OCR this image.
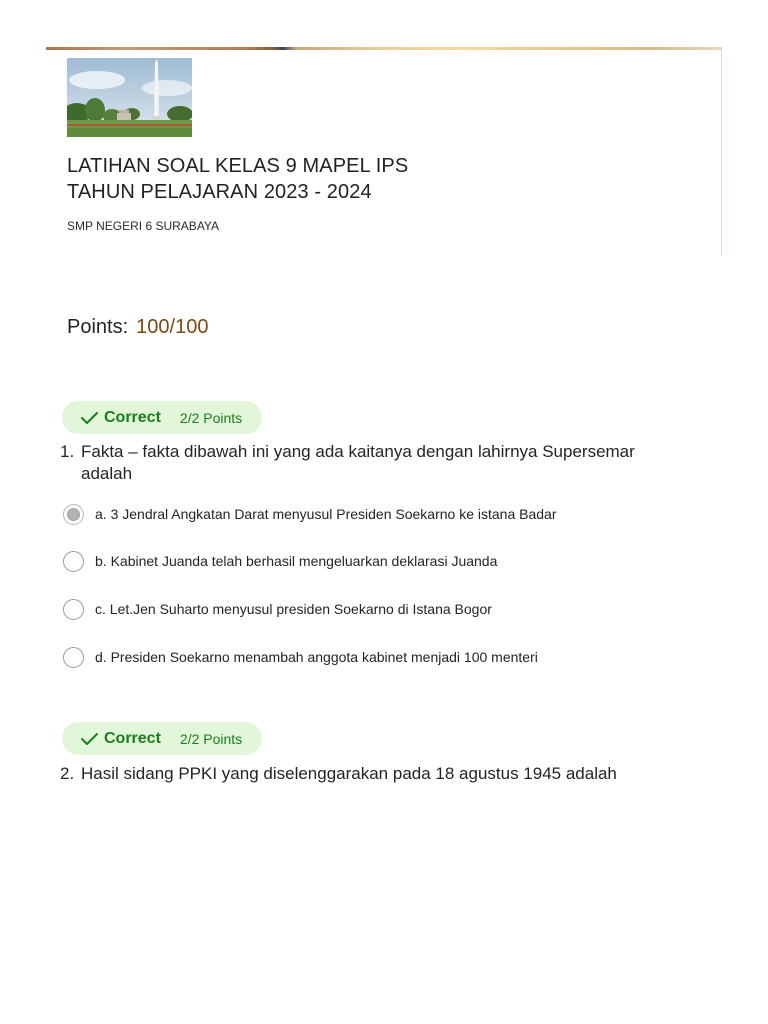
LATIHAN SOAL KELAS 9 MAPEL IPS
TAHUN PELAJARAN 2023 - 2024
SMP NEGERI 6 SURABAYA
Points: 100/100
Correct 2/2 Points
1. Fakta – fakta dibawah ini yang ada kaitanya dengan lahirnya Supersemar adalah
a. 3 Jendral Angkatan Darat menyusul Presiden Soekarno ke istana Badar
b. Kabinet Juanda telah berhasil mengeluarkan deklarasi Juanda
c. Let.Jen Suharto menyusul presiden Soekarno di Istana Bogor
d. Presiden Soekarno menambah anggota kabinet menjadi 100 menteri
Correct 2/2 Points
2. Hasil sidang PPKI yang diselenggarakan pada 18 agustus 1945 adalah
